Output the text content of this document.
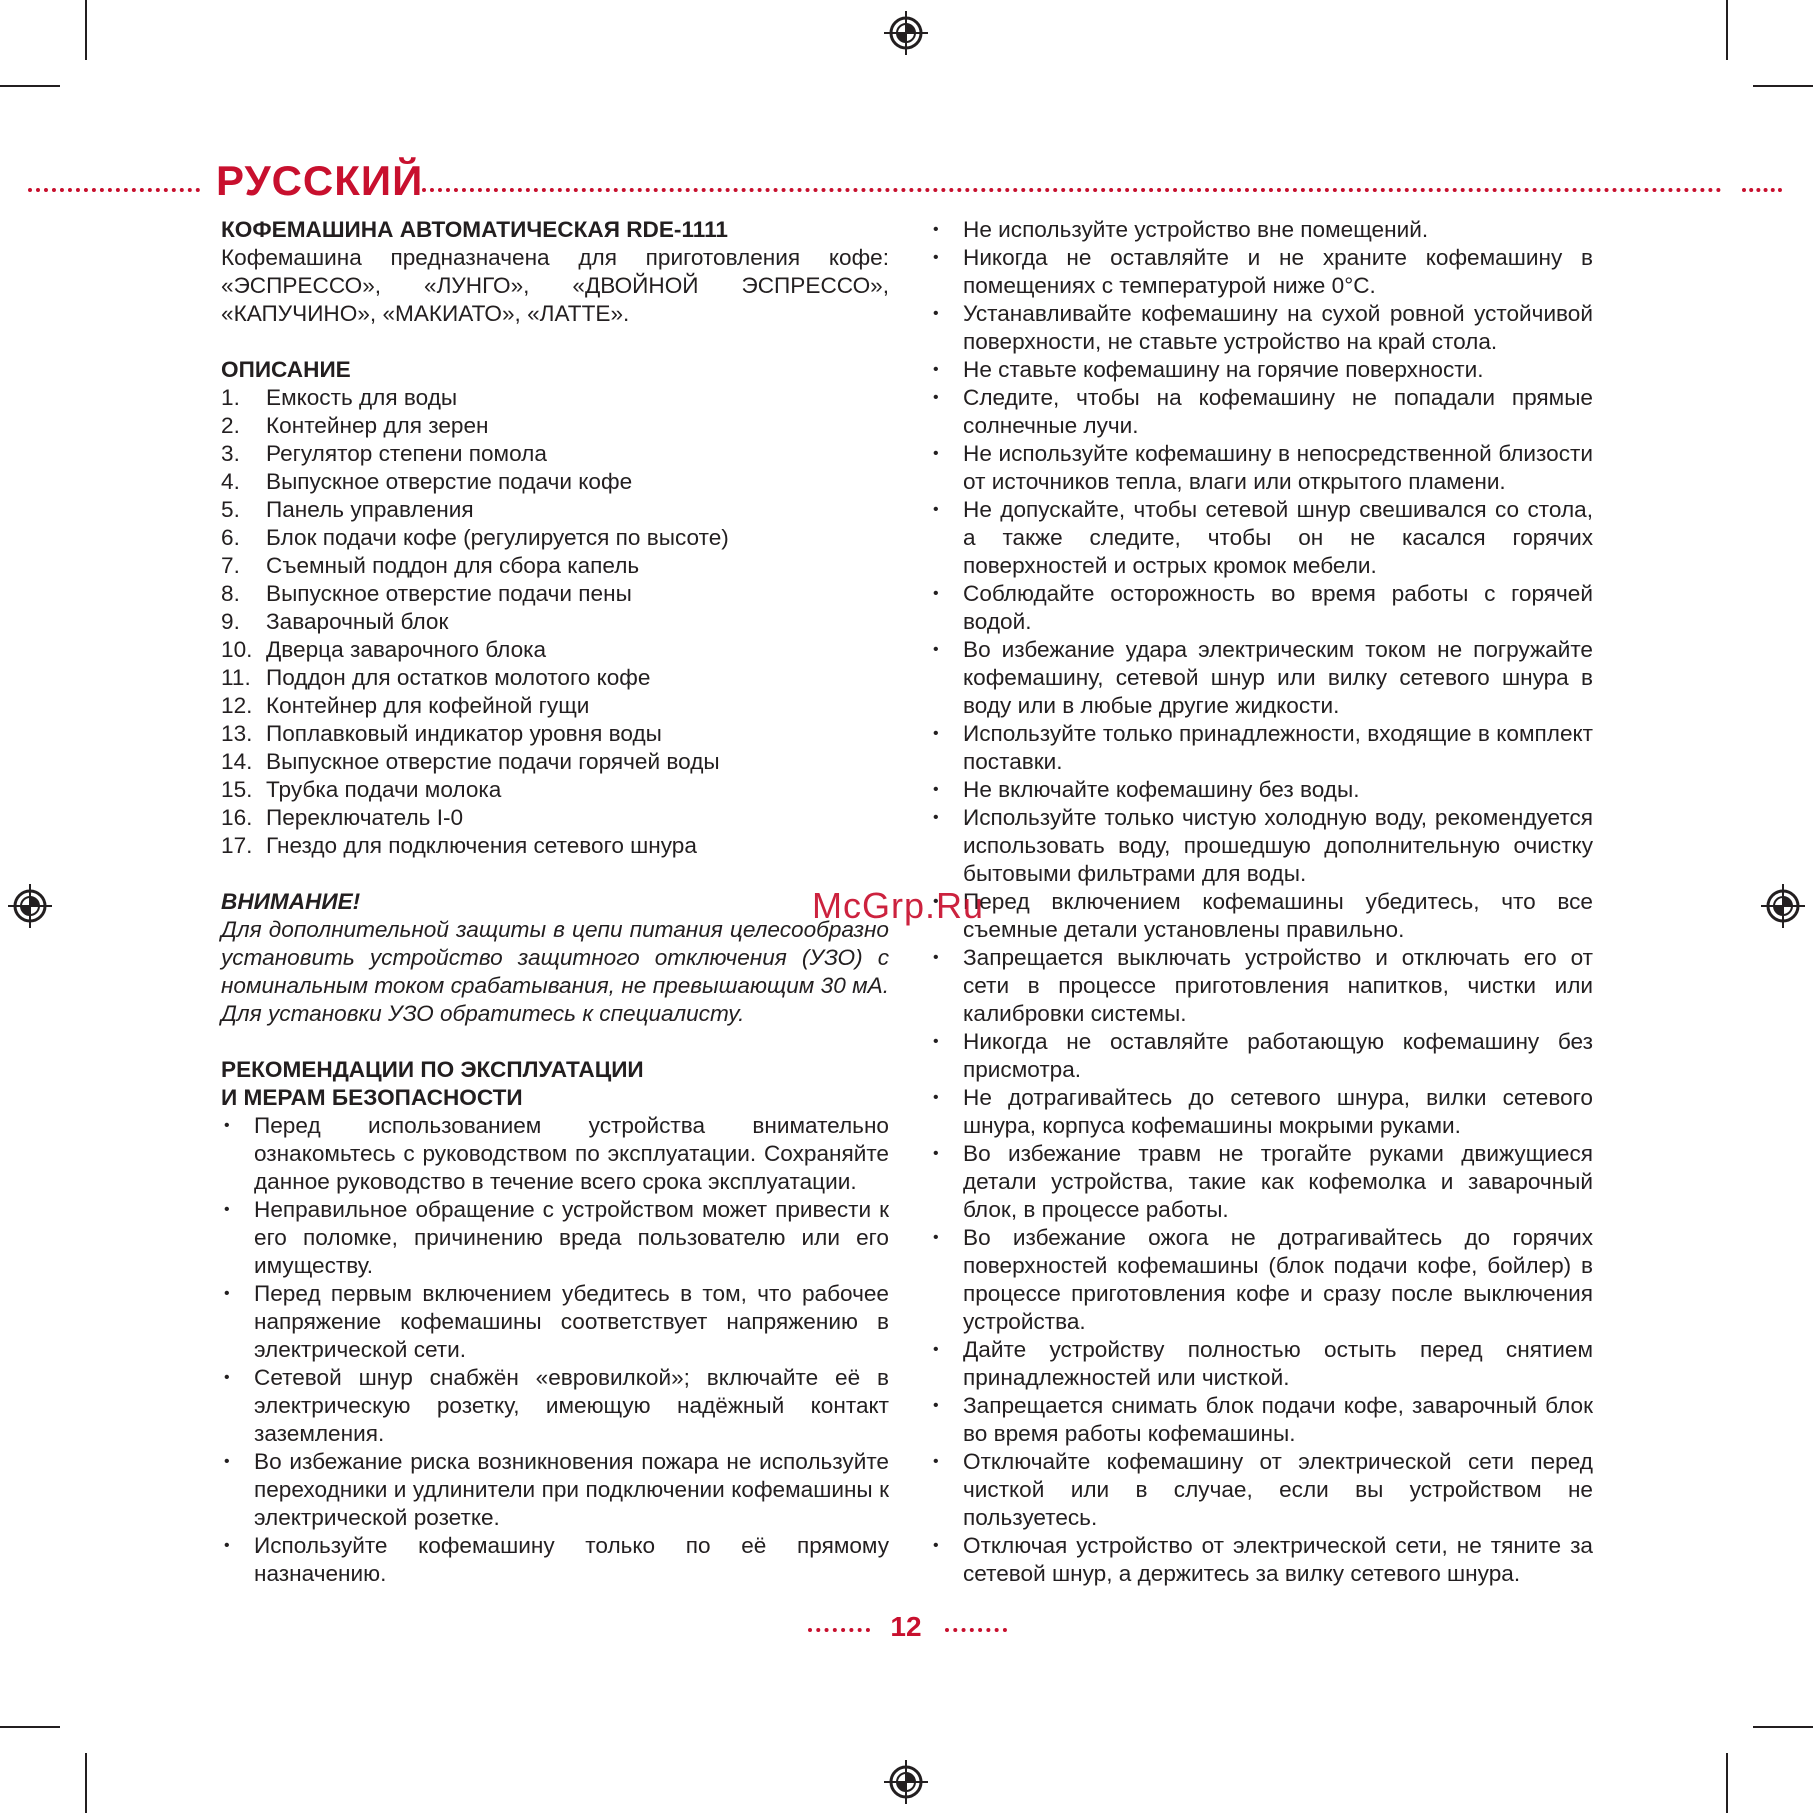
РУССКИЙ

КОФЕМАШИНА АВТОМАТИЧЕСКАЯ RDE-1111

Кофемашина предназначена для приготовления кофе: «ЭСПРЕССО», «ЛУНГО», «ДВОЙНОЙ ЭСПРЕССО», «КАПУЧИНО», «МАКИАТО», «ЛАТТЕ».

ОПИСАНИЕ

1. Емкость для воды
2. Контейнер для зерен
3. Регулятор степени помола
4. Выпускное отверстие подачи кофе
5. Панель управления
6. Блок подачи кофе (регулируется по высоте)
7. Съемный поддон для сбора капель
8. Выпускное отверстие подачи пены
9. Заварочный блок
10. Дверца заварочного блока
11. Поддон для остатков молотого кофе
12. Контейнер для кофейной гущи
13. Поплавковый индикатор уровня воды
14. Выпускное отверстие подачи горячей воды
15. Трубка подачи молока
16. Переключатель I-0
17. Гнездо для подключения сетевого шнура

ВНИМАНИЕ!

Для дополнительной защиты в цепи питания целесообразно установить устройство защитного отключения (УЗО) с номинальным током срабатывания, не превышающим 30 мА. Для установки УЗО обратитесь к специалисту.

РЕКОМЕНДАЦИИ ПО ЭКСПЛУАТАЦИИ

И МЕРАМ БЕЗОПАСНОСТИ

• Перед использованием устройства внимательно ознакомьтесь с руководством по эксплуатации. Сохраняйте данное руководство в течение всего срока эксплуатации.
• Неправильное обращение с устройством может привести к его поломке, причинению вреда пользователю или его имуществу.
• Перед первым включением убедитесь в том, что рабочее напряжение кофемашины соответствует напряжению в электрической сети.
• Сетевой шнур снабжён «евровилкой»; включайте её в электрическую розетку, имеющую надёжный контакт заземления.
• Во избежание риска возникновения пожара не используйте переходники и удлинители при подключении кофемашины к электрической розетке.
• Используйте кофемашину только по её прямому назначению.
• Не используйте устройство вне помещений.
• Никогда не оставляйте и не храните кофемашину в помещениях с температурой ниже 0°С.
• Устанавливайте кофемашину на сухой ровной устойчивой поверхности, не ставьте устройство на край стола.
• Не ставьте кофемашину на горячие поверхности.
• Следите, чтобы на кофемашину не попадали прямые солнечные лучи.
• Не используйте кофемашину в непосредственной близости от источников тепла, влаги или открытого пламени.
• Не допускайте, чтобы сетевой шнур свешивался со стола, а также следите, чтобы он не касался горячих поверхностей и острых кромок мебели.
• Соблюдайте осторожность во время работы с горячей водой.
• Во избежание удара электрическим током не погружайте кофемашину, сетевой шнур или вилку сетевого шнура в воду или в любые другие жидкости.
• Используйте только принадлежности, входящие в комплект поставки.
• Не включайте кофемашину без воды.
• Используйте только чистую холодную воду, рекомендуется использовать воду, прошедшую дополнительную очистку бытовыми фильтрами для воды.
• Перед включением кофемашины убедитесь, что все съемные детали установлены правильно.
• Запрещается выключать устройство и отключать его от сети в процессе приготовления напитков, чистки или калибровки системы.
• Никогда не оставляйте работающую кофемашину без присмотра.
• Не дотрагивайтесь до сетевого шнура, вилки сетевого шнура, корпуса кофемашины мокрыми руками.
• Во избежание травм не трогайте руками движущиеся детали устройства, такие как кофемолка и заварочный блок, в процессе работы.
• Во избежание ожога не дотрагивайтесь до горячих поверхностей кофемашины (блок подачи кофе, бойлер) в процессе приготовления кофе и сразу после выключения устройства.
• Дайте устройству полностью остыть перед снятием принадлежностей или чисткой.
• Запрещается снимать блок подачи кофе, заварочный блок во время работы кофемашины.
• Отключайте кофемашину от электрической сети перед чисткой или в случае, если вы устройством не пользуетесь.
• Отключая устройство от электрической сети, не тяните за сетевой шнур, а держитесь за вилку сетевого шнура.
McGrp.Ru
12
